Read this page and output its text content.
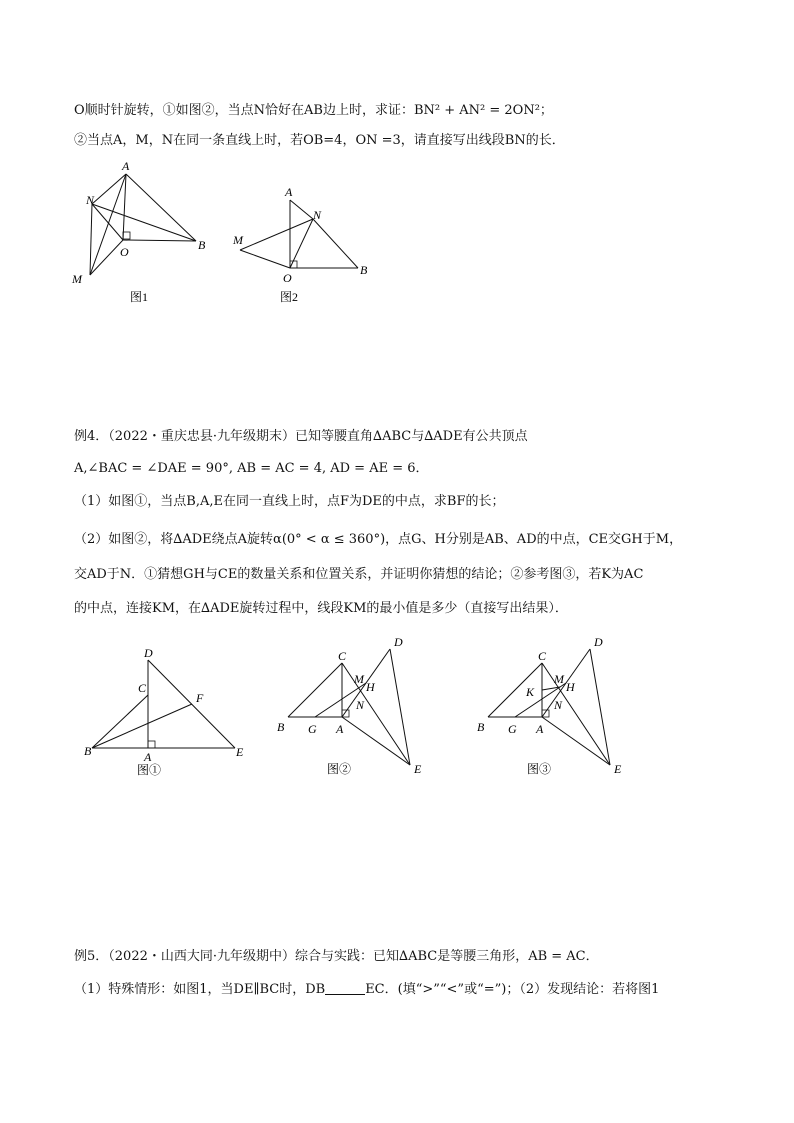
O顺时针旋转，①如图②，当点N恰好在AB边上时，求证：BN² + AN² = 2ON²；
②当点A，M，N在同一条直线上时，若OB=4，ON =3，请直接写出线段BN的长．
A
N
O	B
M
图1
A
N
M
O
B
图2
例4．（2022・重庆忠县·九年级期末）已知等腰直角∆ABC与∆ADE有公共顶点
A,∠BAC = ∠DAE = 90°, AB = AC = 4, AD = AE = 6．
（1）如图①，当点B,A,E在同一直线上时，点F为DE的中点，求BF的长；
（2）如图②，将∆ADE绕点A旋转α(0° < α ≤ 360°)，点G、H分别是AB、AD的中点，CE交GH于M，
交AD于N．①猜想GH与CE的数量关系和位置关系，并证明你猜想的结论；②参考图③，若K为AC
的中点，连接KM，在∆ADE旋转过程中，线段KM的最小值是多少（直接写出结果）．
D
C
F
B	A	E
图①
D
C
M
H
N
B G A
E
图②
D
C
M
K	H
N
B G A
E
图③
例5．（2022・山西大同·九年级期中）综合与实践：已知∆ABC是等腰三角形，AB = AC．
（1）特殊情形：如图1，当DE∥BC时，DB	EC．(填“>”“<”或“=”)；（2）发现结论：若将图1
